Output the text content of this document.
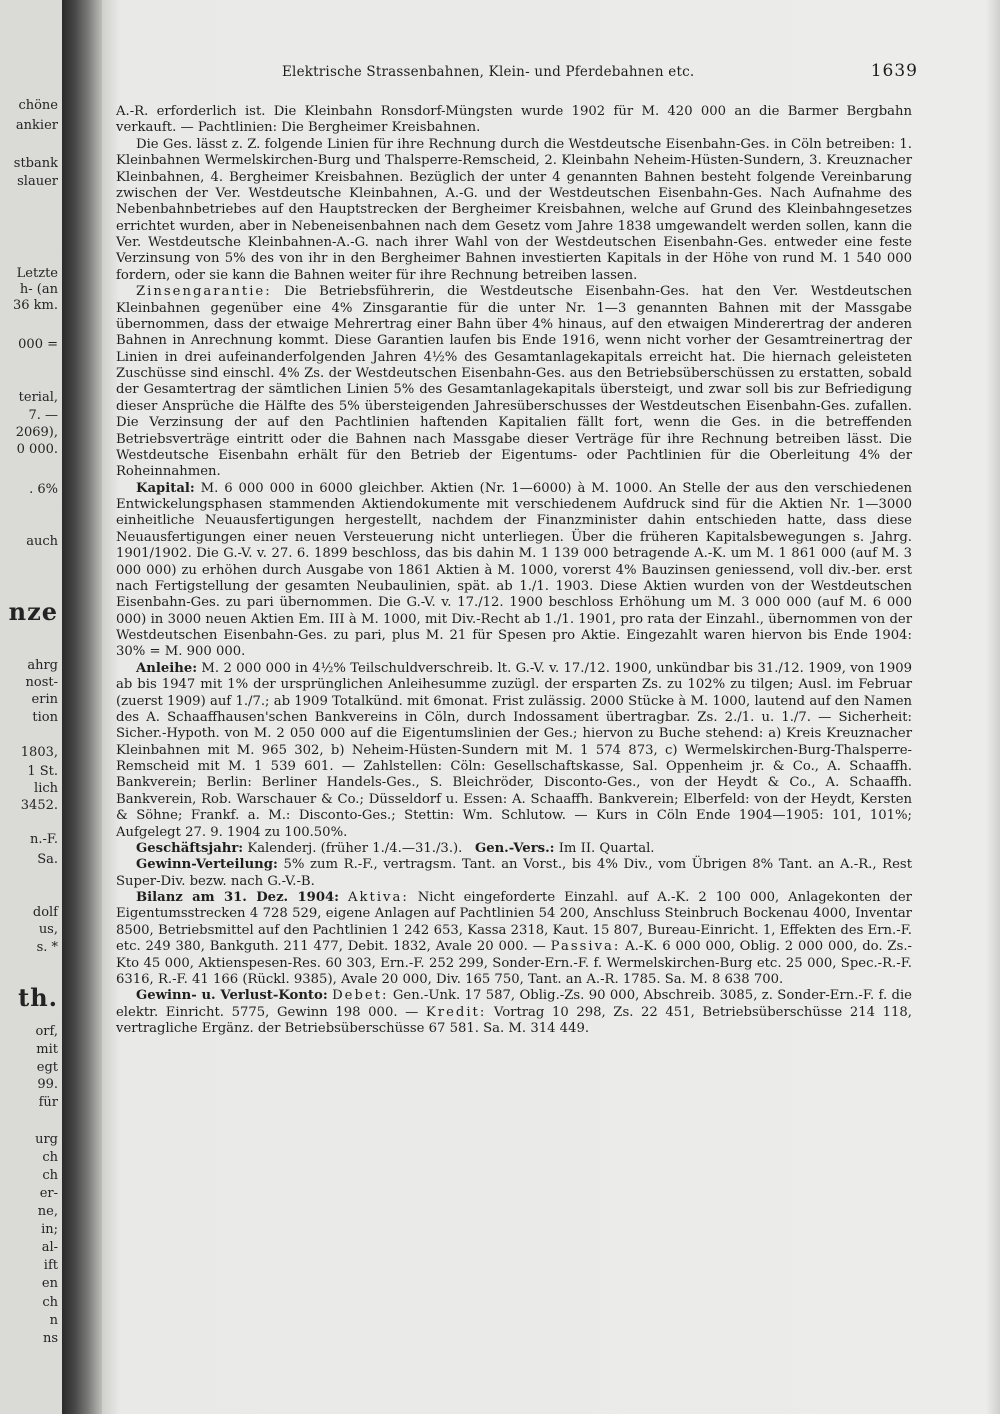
chöne
ankier
stbank
slauer
Letzte
h- (an
36 km.
000 =
terial,
7. —
2069),
0 000.
. 6%
auch
nze
ahrg
nost-
erin
tion
1803,
1 St.
lich
3452.
n.-F.
Sa.
dolf
us,
s. *
th.
orf,
mit
egt
99.
für
urg
ch
ch
er-
ne,
in;
al-
ift
en
ch
n
ns
Elektrische Strassenbahnen, Klein- und Pferdebahnen etc.	1639

A.-R. erforderlich ist. Die Kleinbahn Ronsdorf-Müngsten wurde 1902 für M. 420 000 an die Barmer Bergbahn verkauft. — Pachtlinien: Die Bergheimer Kreisbahnen.

Die Ges. lässt z. Z. folgende Linien für ihre Rechnung durch die Westdeutsche Eisenbahn-Ges. in Cöln betreiben: 1. Kleinbahnen Wermelskirchen-Burg und Thalsperre-Remscheid, 2. Kleinbahn Neheim-Hüsten-Sundern, 3. Kreuznacher Kleinbahnen, 4. Bergheimer Kreisbahnen. Bezüglich der unter 4 genannten Bahnen besteht folgende Vereinbarung zwischen der Ver. Westdeutsche Kleinbahnen, A.-G. und der Westdeutschen Eisenbahn-Ges. Nach Aufnahme des Nebenbahnbetriebes auf den Hauptstrecken der Bergheimer Kreisbahnen, welche auf Grund des Kleinbahngesetzes errichtet wurden, aber in Nebeneisenbahnen nach dem Gesetz vom Jahre 1838 umgewandelt werden sollen, kann die Ver. Westdeutsche Kleinbahnen-A.-G. nach ihrer Wahl von der Westdeutschen Eisenbahn-Ges. entweder eine feste Verzinsung von 5% des von ihr in den Bergheimer Bahnen investierten Kapitals in der Höhe von rund M. 1 540 000 fordern, oder sie kann die Bahnen weiter für ihre Rechnung betreiben lassen.

Zinsengarantie: Die Betriebsführerin, die Westdeutsche Eisenbahn-Ges. hat den Ver. Westdeutschen Kleinbahnen gegenüber eine 4% Zinsgarantie für die unter Nr. 1—3 genannten Bahnen mit der Massgabe übernommen, dass der etwaige Mehrertrag einer Bahn über 4% hinaus, auf den etwaigen Minderertrag der anderen Bahnen in Anrechnung kommt. Diese Garantien laufen bis Ende 1916, wenn nicht vorher der Gesamtreinertrag der Linien in drei aufeinanderfolgenden Jahren 4½% des Gesamtanlagekapitals erreicht hat. Die hiernach geleisteten Zuschüsse sind einschl. 4% Zs. der Westdeutschen Eisenbahn-Ges. aus den Betriebsüberschüssen zu erstatten, sobald der Gesamtertrag der sämtlichen Linien 5% des Gesamtanlagekapitals übersteigt, und zwar soll bis zur Befriedigung dieser Ansprüche die Hälfte des 5% übersteigenden Jahresüberschusses der Westdeutschen Eisenbahn-Ges. zufallen. Die Verzinsung der auf den Pachtlinien haftenden Kapitalien fällt fort, wenn die Ges. in die betreffenden Betriebsverträge eintritt oder die Bahnen nach Massgabe dieser Verträge für ihre Rechnung betreiben lässt. Die Westdeutsche Eisenbahn erhält für den Betrieb der Eigentums- oder Pachtlinien für die Oberleitung 4% der Roheinnahmen.

Kapital: M. 6 000 000 in 6000 gleichber. Aktien (Nr. 1—6000) à M. 1000. An Stelle der aus den verschiedenen Entwickelungsphasen stammenden Aktiendokumente mit verschiedenem Aufdruck sind für die Aktien Nr. 1—3000 einheitliche Neuausfertigungen hergestellt, nachdem der Finanzminister dahin entschieden hatte, dass diese Neuausfertigungen einer neuen Versteuerung nicht unterliegen. Über die früheren Kapitalsbewegungen s. Jahrg. 1901/1902. Die G.-V. v. 27. 6. 1899 beschloss, das bis dahin M. 1 139 000 betragende A.-K. um M. 1 861 000 (auf M. 3 000 000) zu erhöhen durch Ausgabe von 1861 Aktien à M. 1000, vorerst 4% Bauzinsen geniessend, voll div.-ber. erst nach Fertigstellung der gesamten Neubaulinien, spät. ab 1./1. 1903. Diese Aktien wurden von der Westdeutschen Eisenbahn-Ges. zu pari übernommen. Die G.-V. v. 17./12. 1900 beschloss Erhöhung um M. 3 000 000 (auf M. 6 000 000) in 3000 neuen Aktien Em. III à M. 1000, mit Div.-Recht ab 1./1. 1901, pro rata der Einzahl., übernommen von der Westdeutschen Eisenbahn-Ges. zu pari, plus M. 21 für Spesen pro Aktie. Eingezahlt waren hiervon bis Ende 1904: 30% = M. 900 000.

Anleihe: M. 2 000 000 in 4½% Teilschuldverschreib. lt. G.-V. v. 17./12. 1900, unkündbar bis 31./12. 1909, von 1909 ab bis 1947 mit 1% der ursprünglichen Anleihesumme zuzügl. der ersparten Zs. zu 102% zu tilgen; Ausl. im Februar (zuerst 1909) auf 1./7.; ab 1909 Totalkünd. mit 6monat. Frist zulässig. 2000 Stücke à M. 1000, lautend auf den Namen des A. Schaaffhausen'schen Bankvereins in Cöln, durch Indossament übertragbar. Zs. 2./1. u. 1./7. — Sicherheit: Sicher.-Hypoth. von M. 2 050 000 auf die Eigentumslinien der Ges.; hiervon zu Buche stehend: a) Kreis Kreuznacher Kleinbahnen mit M. 965 302, b) Neheim-Hüsten-Sundern mit M. 1 574 873, c) Wermelskirchen-Burg-Thalsperre-Remscheid mit M. 1 539 601. — Zahlstellen: Cöln: Gesellschaftskasse, Sal. Oppenheim jr. & Co., A. Schaaffh. Bankverein; Berlin: Berliner Handels-Ges., S. Bleichröder, Disconto-Ges., von der Heydt & Co., A. Schaaffh. Bankverein, Rob. Warschauer & Co.; Düsseldorf u. Essen: A. Schaaffh. Bankverein; Elberfeld: von der Heydt, Kersten & Söhne; Frankf. a. M.: Disconto-Ges.; Stettin: Wm. Schlutow. — Kurs in Cöln Ende 1904—1905: 101, 101%; Aufgelegt 27. 9. 1904 zu 100.50%.

Geschäftsjahr: Kalenderj. (früher 1./4.—31./3.). Gen.-Vers.: Im II. Quartal.

Gewinn-Verteilung: 5% zum R.-F., vertragsm. Tant. an Vorst., bis 4% Div., vom Übrigen 8% Tant. an A.-R., Rest Super-Div. bezw. nach G.-V.-B.

Bilanz am 31. Dez. 1904: Aktiva: Nicht eingeforderte Einzahl. auf A.-K. 2 100 000, Anlagekonten der Eigentumsstrecken 4 728 529, eigene Anlagen auf Pachtlinien 54 200, Anschluss Steinbruch Bockenau 4000, Inventar 8500, Betriebsmittel auf den Pachtlinien 1 242 653, Kassa 2318, Kaut. 15 807, Bureau-Einricht. 1, Effekten des Ern.-F. etc. 249 380, Bankguth. 211 477, Debit. 1832, Avale 20 000. — Passiva: A.-K. 6 000 000, Oblig. 2 000 000, do. Zs.-Kto 45 000, Aktienspesen-Res. 60 303, Ern.-F. 252 299, Sonder-Ern.-F. f. Wermelskirchen-Burg etc. 25 000, Spec.-R.-F. 6316, R.-F. 41 166 (Rückl. 9385), Avale 20 000, Div. 165 750, Tant. an A.-R. 1785. Sa. M. 8 638 700.

Gewinn- u. Verlust-Konto: Debet: Gen.-Unk. 17 587, Oblig.-Zs. 90 000, Abschreib. 3085, z. Sonder-Ern.-F. f. die elektr. Einricht. 5775, Gewinn 198 000. — Kredit: Vortrag 10 298, Zs. 22 451, Betriebsüberschüsse 214 118, vertragliche Ergänz. der Betriebsüberschüsse 67 581. Sa. M. 314 449.
